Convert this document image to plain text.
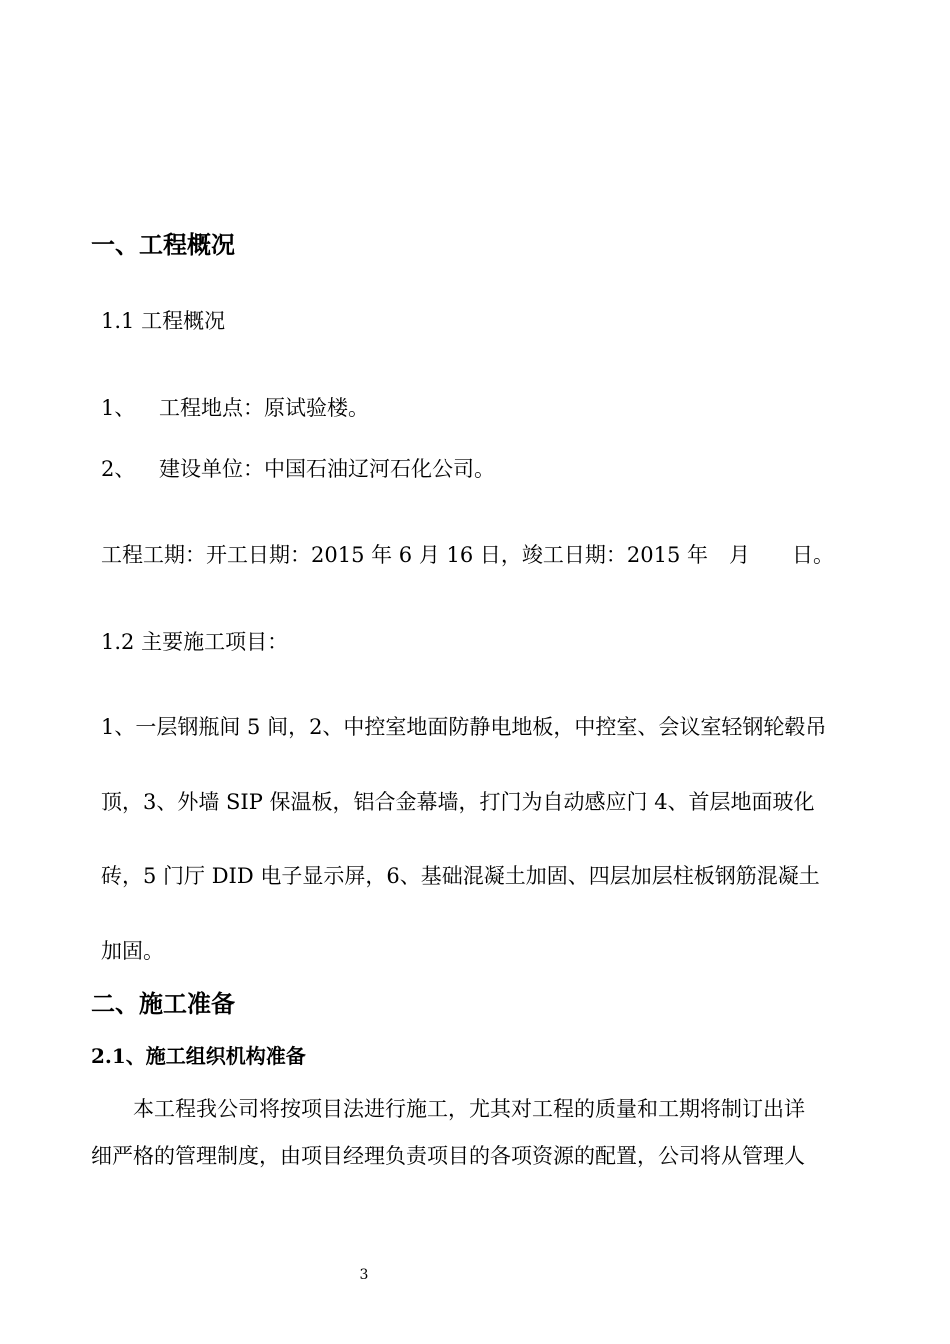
一、工程概况

1.1 工程概况

1、 工程地点：原试验楼。

2、 建设单位：中国石油辽河石化公司。

工程工期：开工日期：2015 年 6 月 16 日，竣工日期：2015 年　月　　日。

1.2 主要施工项目：

1、一层钢瓶间 5 间，2、中控室地面防静电地板，中控室、会议室轻钢轮毂吊

顶，3、外墙 SIP 保温板，铝合金幕墙，打门为自动感应门 4、首层地面玻化

砖，5 门厅 DID 电子显示屏，6、基础混凝土加固、四层加层柱板钢筋混凝土

加固。

二、施工准备
2.1、施工组织机构准备

本工程我公司将按项目法进行施工，尤其对工程的质量和工期将制订出详

细严格的管理制度，由项目经理负责项目的各项资源的配置，公司将从管理人

3
